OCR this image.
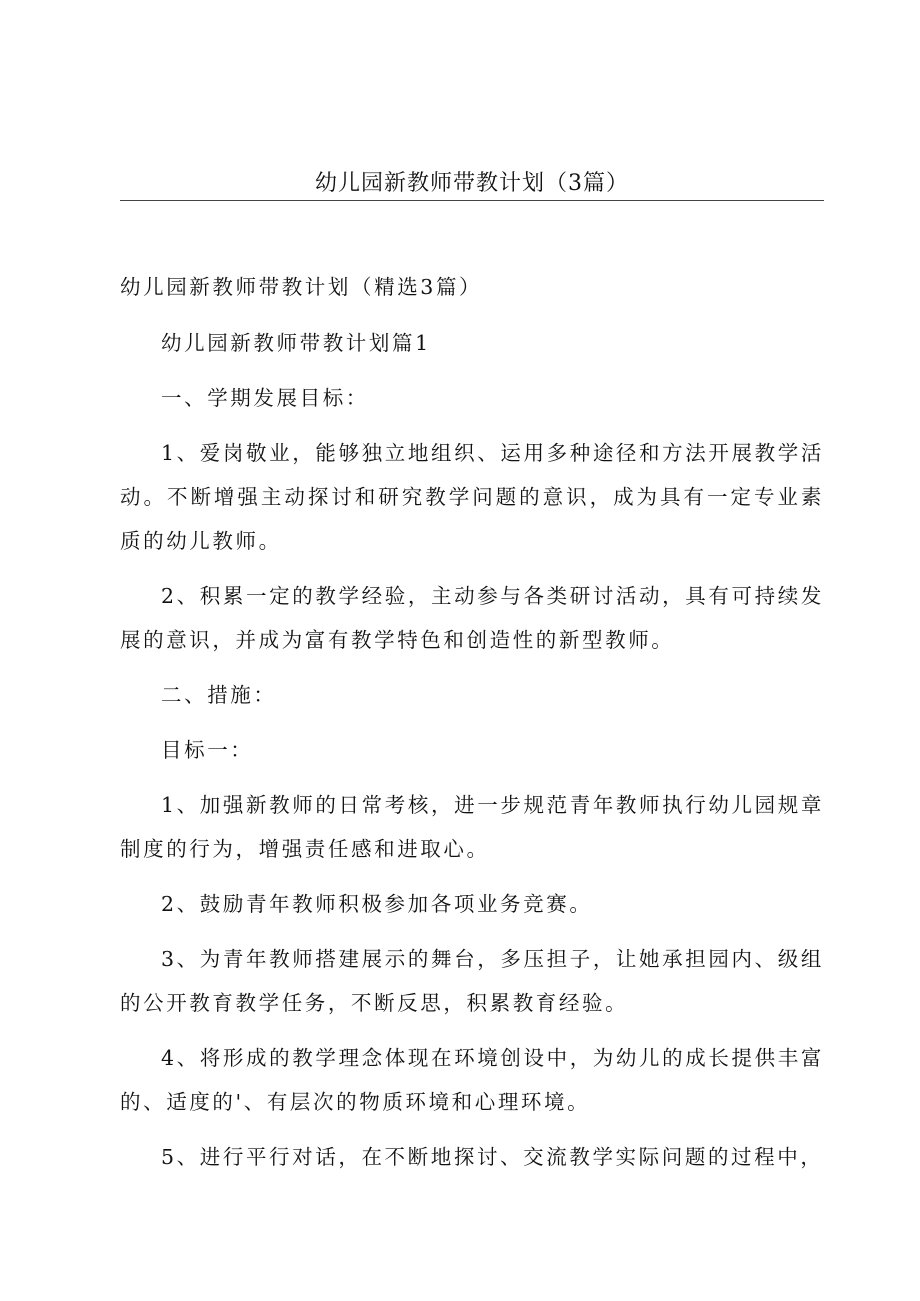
幼儿园新教师带教计划（3篇）

幼儿园新教师带教计划（精选3篇）

幼儿园新教师带教计划篇1

一、学期发展目标：

1、爱岗敬业，能够独立地组织、运用多种途径和方法开展教学活动。不断增强主动探讨和研究教学问题的意识，成为具有一定专业素质的幼儿教师。

2、积累一定的教学经验，主动参与各类研讨活动，具有可持续发展的意识，并成为富有教学特色和创造性的新型教师。

二、措施：

目标一：

1、加强新教师的日常考核，进一步规范青年教师执行幼儿园规章制度的行为，增强责任感和进取心。

2、鼓励青年教师积极参加各项业务竞赛。

3、为青年教师搭建展示的舞台，多压担子，让她承担园内、级组的公开教育教学任务，不断反思，积累教育经验。

4、将形成的教学理念体现在环境创设中，为幼儿的成长提供丰富的、适度的'、有层次的物质环境和心理环境。

5、进行平行对话，在不断地探讨、交流教学实际问题的过程中，
